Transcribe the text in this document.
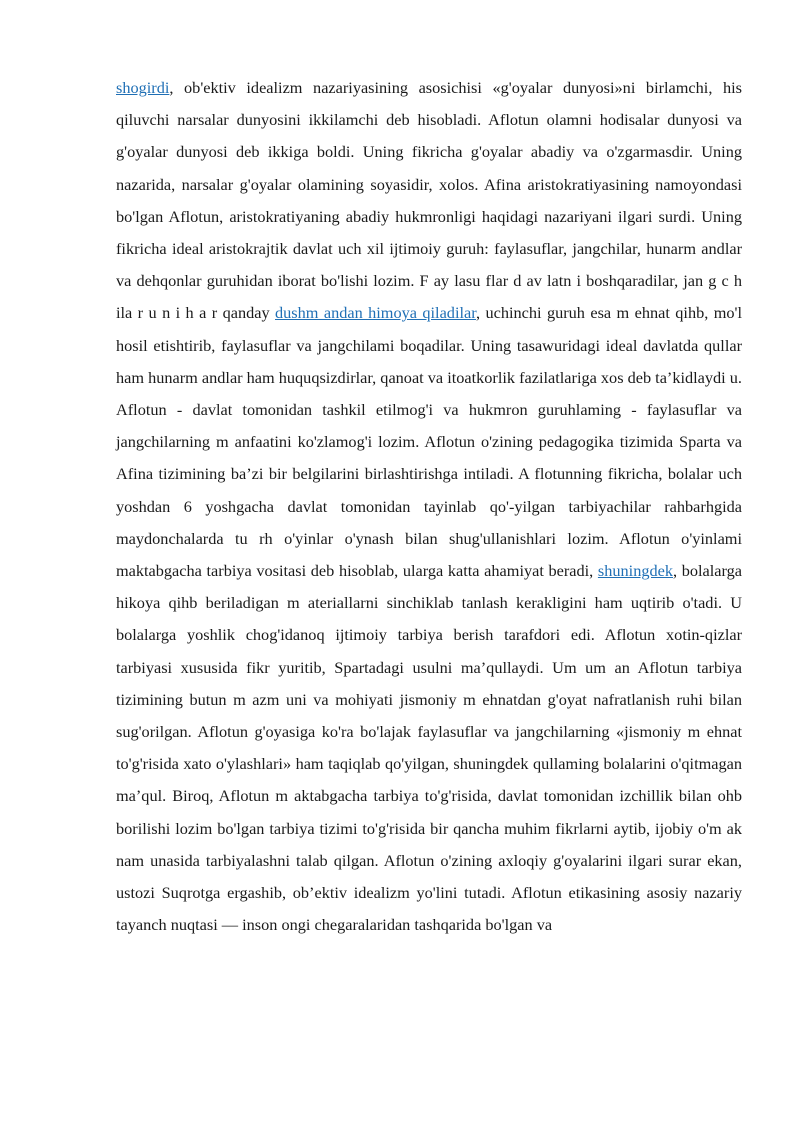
shogirdi, ob'ektiv idealizm nazariyasining asosichisi «g'oyalar dunyosi»ni birlamchi, his qiluvchi narsalar dunyosini ikkilamchi deb hisobladi. Aflotun olamni hodisalar dunyosi va g'oyalar dunyosi deb ikkiga boldi. Uning fikricha g'oyalar abadiy va o'zgarmasdir. Uning nazarida, narsalar g'oyalar olamining soyasidir, xolos. Afina aristokratiyasining namoyondasi bo'lgan Aflotun, aristokratiyaning abadiy hukmronligi haqidagi nazariyani ilgari surdi. Uning fikricha ideal aristokrajtik davlat uch xil ijtimoiy guruh: faylasuflar, jangchilar, hunarm andlar va dehqonlar guruhidan iborat bo'lishi lozim. F ay lasu flar d av latn i boshqaradilar, jan g c h ila r u n i h a r qanday dushm andan himoya qiladilar, uchinchi guruh esa m ehnat qihb, mo'l hosil etishtirib, faylasuflar va jangchilami boqadilar. Uning tasawuridagi ideal davlatda qullar ham hunarm andlar ham huquqsizdirlar, qanoat va itoatkorlik fazilatlariga xos deb ta’kidlaydi u. Aflotun - davlat tomonidan tashkil etilmog'i va hukmron guruhlaming - faylasuflar va jangchilarning m anfaatini ko'zlamog'i lozim. Aflotun o'zining pedagogika tizimida Sparta va Afina tizimining ba’zi bir belgilarini birlashtirishga intiladi. A flotunning fikricha, bolalar uch yoshdan 6 yoshgacha davlat tomonidan tayinlab qo'-yilgan tarbiyachilar rahbarhgida maydonchalarda tu rh o'yinlar o'ynash bilan shug'ullanishlari lozim. Aflotun o'yinlami maktabgacha tarbiya vositasi deb hisoblab, ularga katta ahamiyat beradi, shuningdek, bolalarga hikoya qihb beriladigan m ateriallarni sinchiklab tanlash kerakligini ham uqtirib o'tadi. U bolalarga yoshlik chog'idanoq ijtimoiy tarbiya berish tarafdori edi. Aflotun xotin-qizlar tarbiyasi xususida fikr yuritib, Spartadagi usulni ma’qullaydi. Um um an Aflotun tarbiya tizimining butun m azm uni va mohiyati jismoniy m ehnatdan g'oyat nafratlanish ruhi bilan sug'orilgan. Aflotun g'oyasiga ko'ra bo'lajak faylasuflar va jangchilarning «jismoniy m ehnat to'g'risida xato o'ylashlari» ham taqiqlab qo'yilgan, shuningdek qullaming bolalarini o'qitmagan ma’qul. Biroq, Aflotun m aktabgacha tarbiya to'g'risida, davlat tomonidan izchillik bilan ohb borilishi lozim bo'lgan tarbiya tizimi to'g'risida bir qancha muhim fikrlarni aytib, ijobiy o'm ak nam unasida tarbiyalashni talab qilgan. Aflotun o'zining axloqiy g'oyalarini ilgari surar ekan, ustozi Suqrotga ergashib, ob’ektiv idealizm yo'lini tutadi. Aflotun etikasining asosiy nazariy tayanch nuqtasi — inson ongi chegaralaridan tashqarida bo'lgan va
